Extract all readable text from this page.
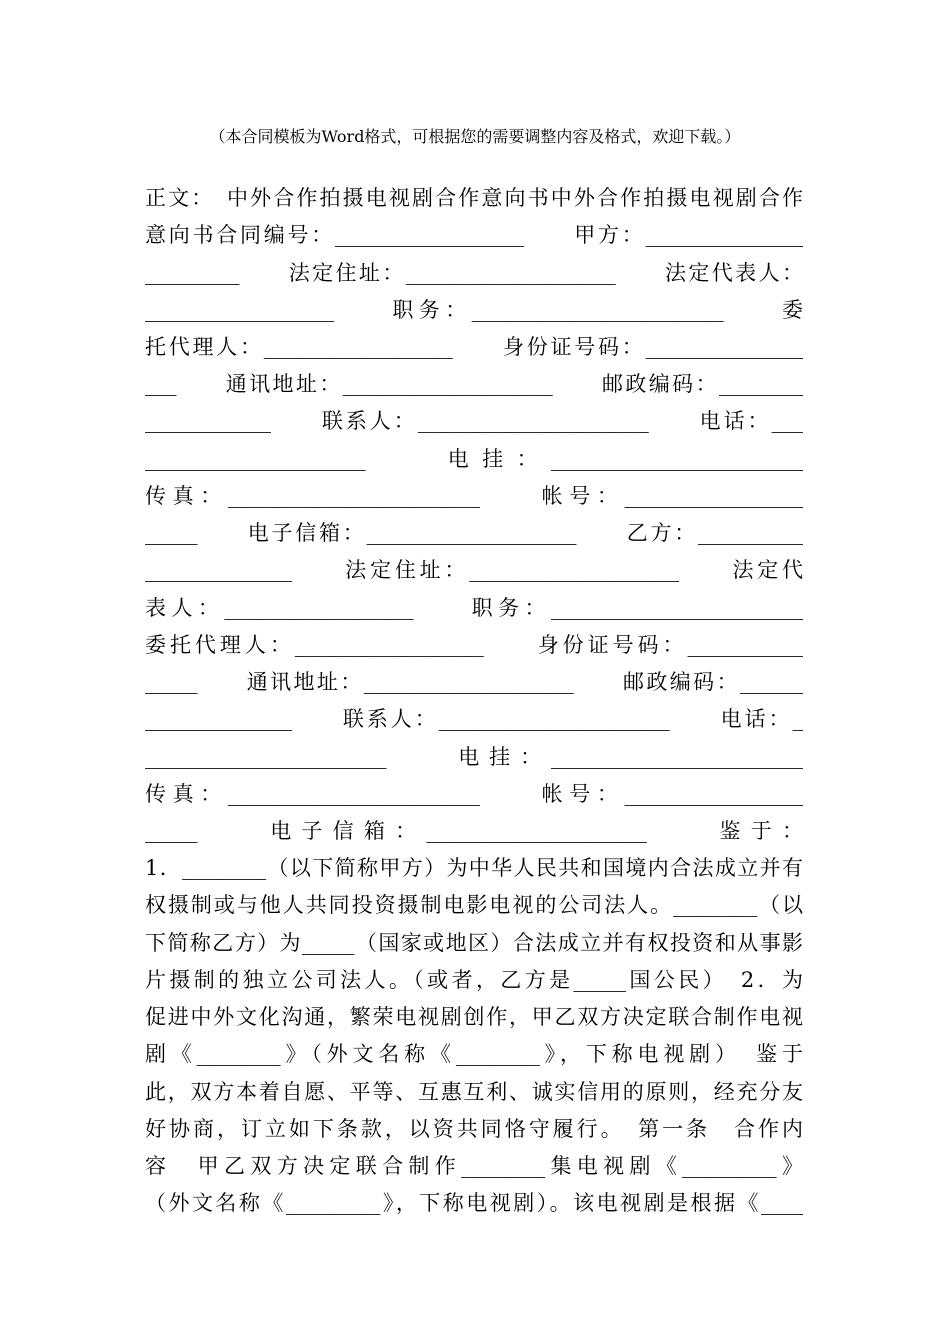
（本合同模板为Word格式，可根据您的需要调整内容及格式，欢迎下载。）
正文：　中外合作拍摄电视剧合作意向书中外合作拍摄电视剧合作
意向书合同编号：__________________　　甲方：_______________
_________　　法定住址：____________________　　法定代表人：
__________________　　职务：________________________　　委
托代理人：__________________　　身份证号码：_______________
___　　通讯地址：____________________　　邮政编码：________
____________　　联系人：______________________　　电话：___
_____________________　　电挂：________________________
传真：________________________　　帐号：_________________
_____　　电子信箱：____________________　　乙方：__________
______________　　法定住址：____________________　　法定代
表人：__________________　　职务：________________________
委托代理人：__________________　　身份证号码：___________
_____　　通讯地址：____________________　　邮政编码：______
______________　　联系人：______________________　　电话：_
_______________________　　电挂：________________________
传真：________________________　　帐号：_________________
_____　　电子信箱：_____________________　　鉴于：
1．________（以下简称甲方）为中华人民共和国境内合法成立并有
权摄制或与他人共同投资摄制电影电视的公司法人。________（以
下简称乙方）为_____（国家或地区）合法成立并有权投资和从事影
片摄制的独立公司法人。（或者，乙方是_____国公民）　2．为
促进中外文化沟通，繁荣电视剧创作，甲乙双方决定联合制作电视
剧《________》（外文名称《________》，下称电视剧）　鉴于
此，双方本着自愿、平等、互惠互利、诚实信用的原则，经充分友
好协商，订立如下条款，以资共同恪守履行。　第一条　合作内
容　甲乙双方决定联合制作________集电视剧《_________》
（外文名称《_________》，下称电视剧）。该电视剧是根据《____
